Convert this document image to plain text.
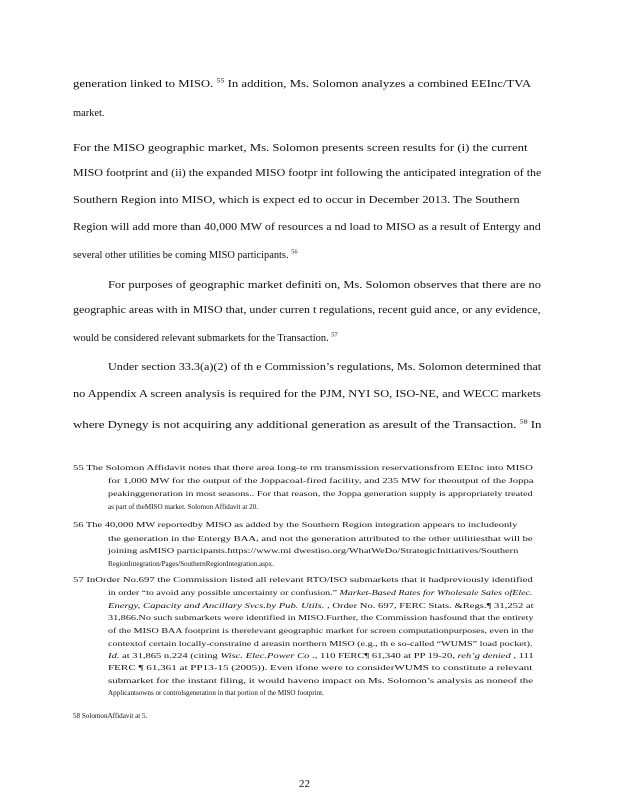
generation linked to MISO. $^{55}$ In addition, Ms. Solomon analyzes a combined EEInc/TVA
market.
For the MISO geographic market, Ms. Solomon presents screen results for (i) the current
MISO footprint and (ii) the expanded MISO footpr int following the anticipated integration of the
Southern Region into MISO, which is expect ed to occur in December 2013. The Southern
Region will add more than 40,000 MW of resources a nd load to MISO as a result of Entergy and
several other utilities be coming MISO participants. $^{56}$
For purposes of geographic market definiti on, Ms. Solomon observes that there are no
geographic areas with in MISO that, under curren t regulations, recent guid ance, or any evidence,
would be considered relevant submarkets for the Transaction. $^{57}$
Under section 33.3(a)(2) of th e Commission’s regulations, Ms. Solomon determined that
no Appendix A screen analysis is required for the PJM, NYI SO, ISO-NE, and WECC markets
where Dynegy is not acquiring any additional generation as aresult of the Transaction. $^{58}$ In
55 The Solomon Affidavit notes that there area long-te rm transmission reservationsfrom EEInc into MISO
for 1,000 MW for the output of the Joppacoal-fired facility, and 235 MW for theoutput of the Joppa
peakinggeneration in most seasons.. For that reason, the Joppa generation supply is appropriately treated
as part of theMISO market. Solomon Affidavit at 20.
56 The 40,000 MW reportedby MISO as added by the Southern Region integration appears to includeonly
the generation in the Entergy BAA, and not the generation attributed to the other utilitiesthat will be
joining asMISO participants.https://www.mi dwestiso.org/WhatWeDo/StrategicInitiatives/Southern
RegionIntegration/Pages/SouthernRegionIntegration.aspx.
57 InOrder No.697 the Commission listed all relevant RTO/ISO submarkets that it hadpreviously identified
in order “to avoid any possible uncertainty or confusion.” Market-Based Rates for Wholesale Sales ofElec.
Energy, Capacity and Ancillary Svcs.by Pub. Utils. , Order No. 697, FERC Stats. &Regs.¶ 31,252 at
31,866.No such submarkets were identified in MISO.Further, the Commission hasfound that the entirety
of the MISO BAA footprint is therelevant geographic market for screen computationpurposes, even in the
contextof certain locally-constraine d areasin northern MISO (e.g., th e so-called “WUMS” load pocket).
Id. at 31,865 n.224 (citing Wisc. Elec.Power Co ., 110 FERC¶ 61,340 at PP 19-20, reh’g denied , 111
FERC ¶ 61,361 at PP13-15 (2005)). Even ifone were to considerWUMS to constitute a relevant
submarket for the instant filing, it would haveno impact on Ms. Solomon’s analysis as noneof the
Applicantsowns or controlsgeneration in that portion of the MISO footprint.
58 SolomonAffidavit at 5.
22
